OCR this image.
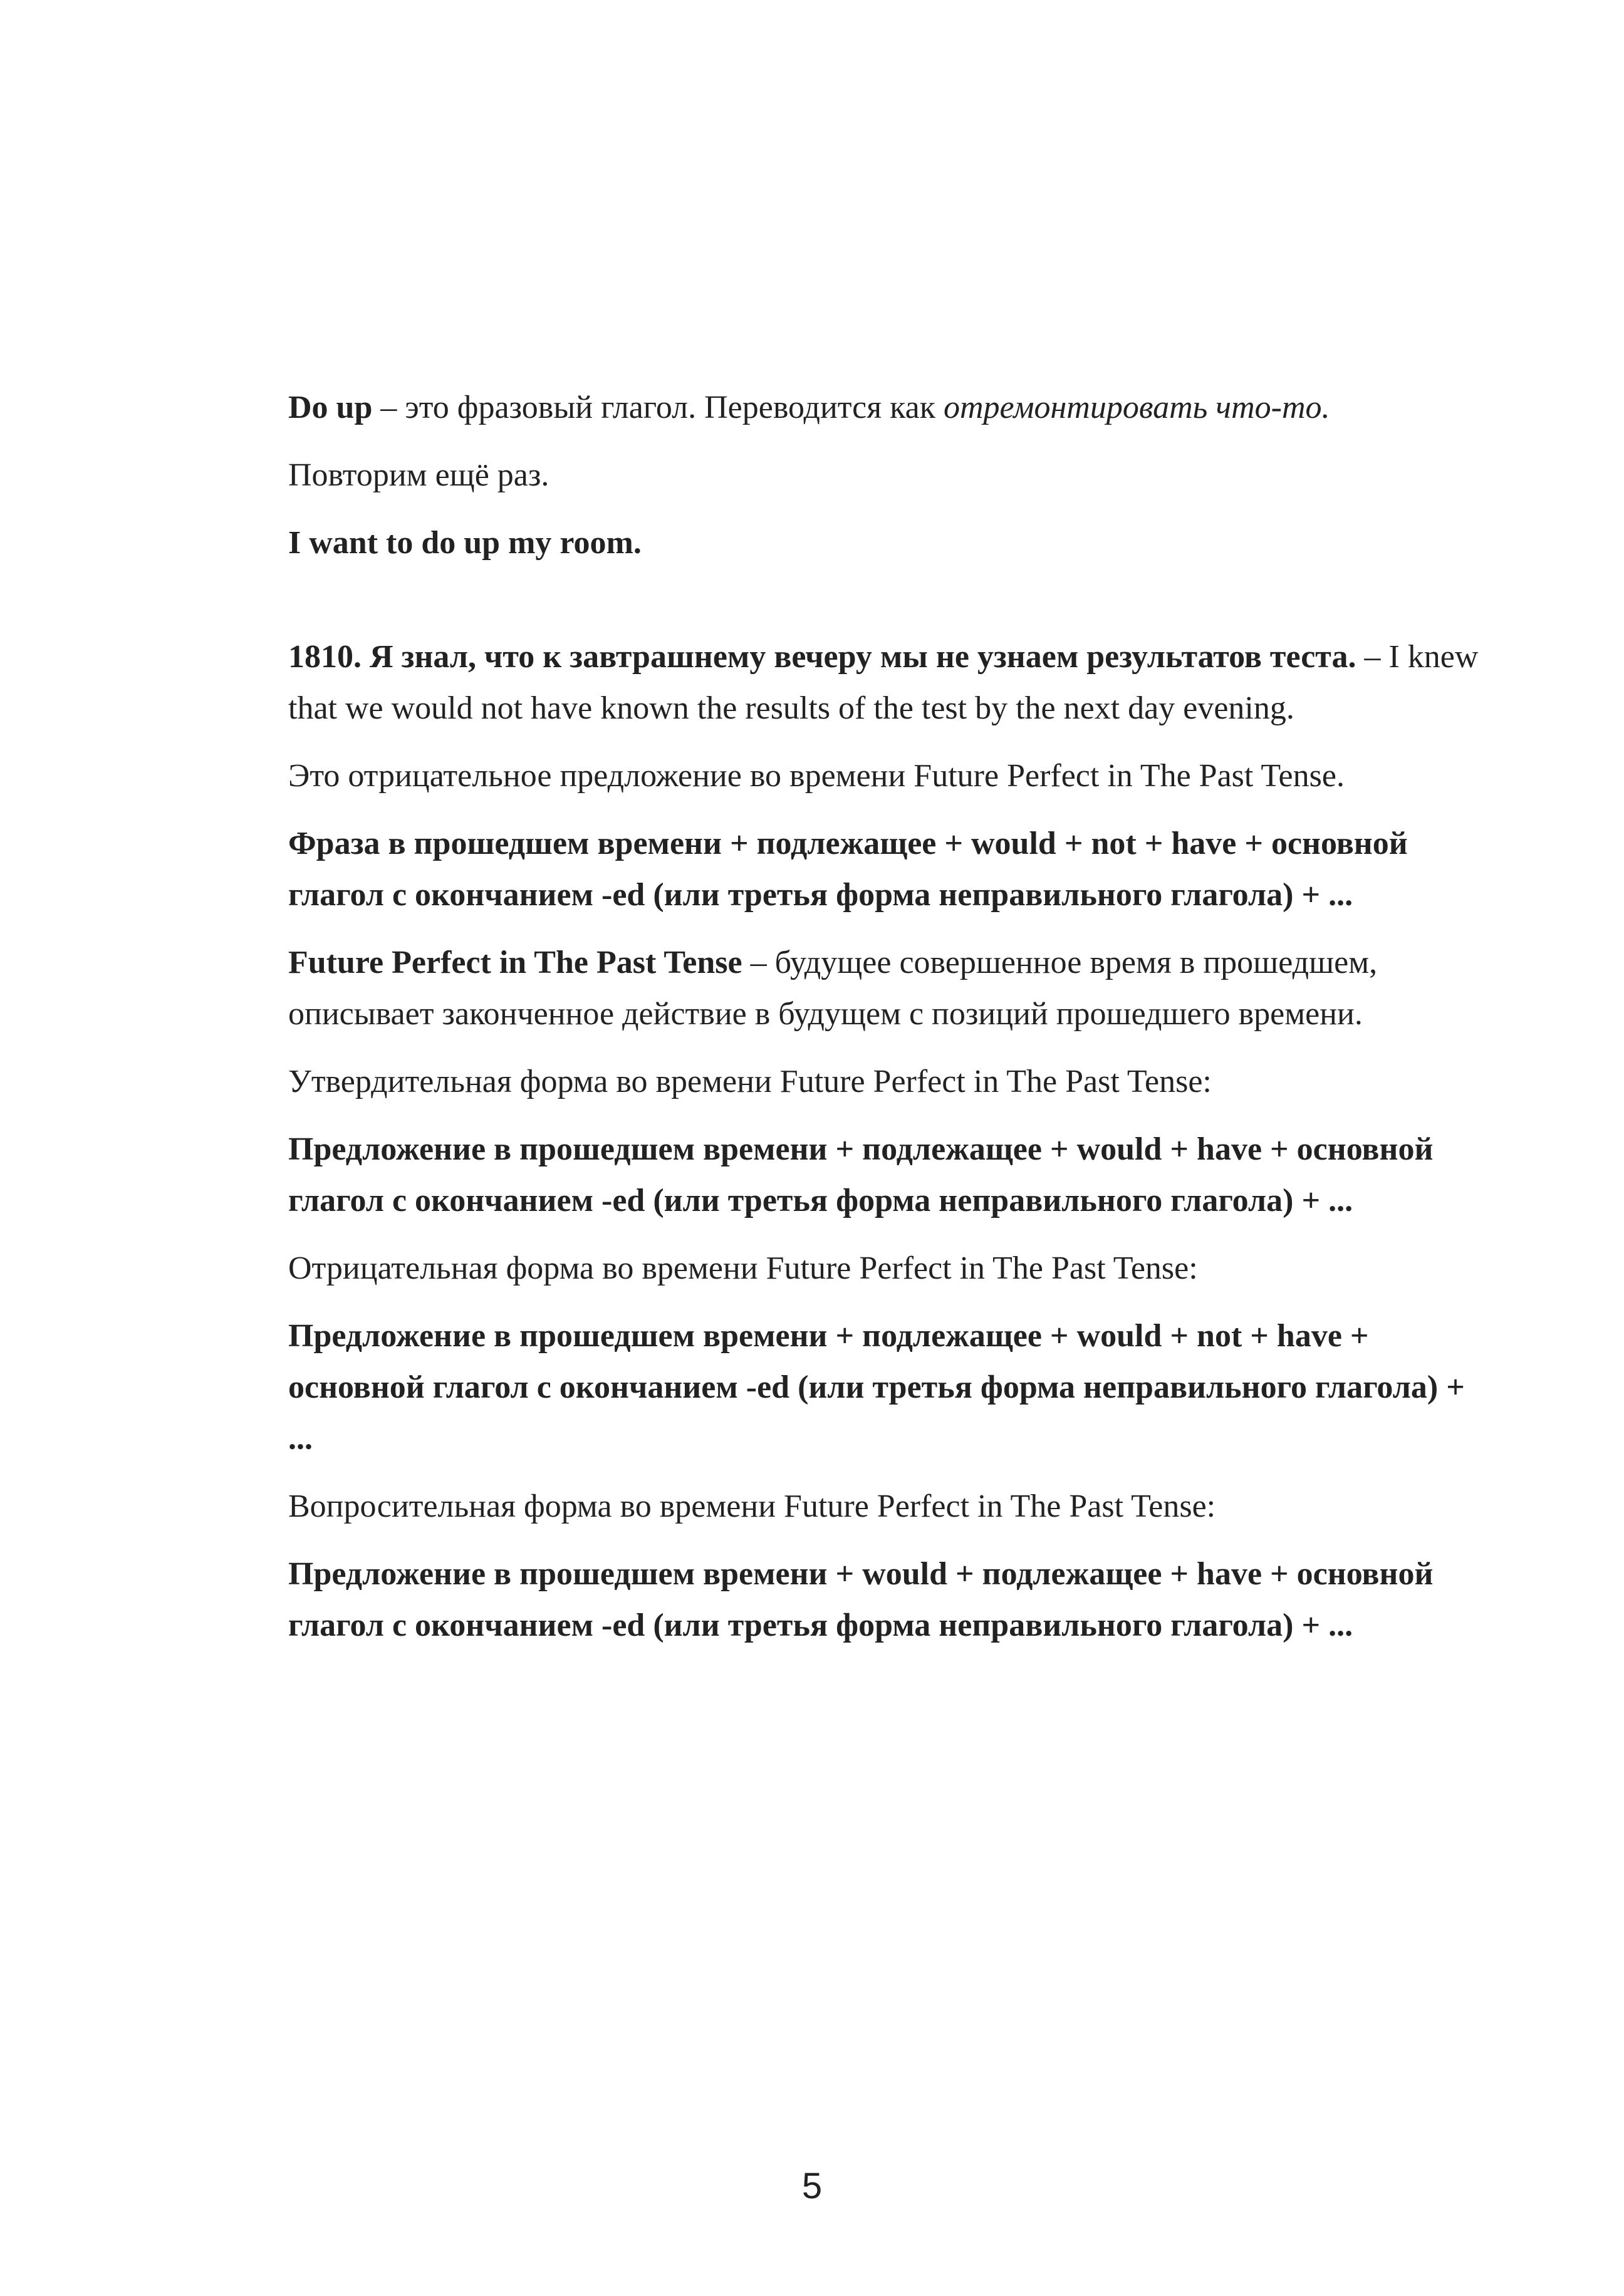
Do up – это фразовый глагол. Переводится как отремонтировать что-то.

Повторим ещё раз.

I want to do up my room.

1810. Я знал, что к завтрашнему вечеру мы не узнаем результатов теста. – I knew that we would not have known the results of the test by the next day evening.

Это отрицательное предложение во времени Future Perfect in The Past Tense.

Фраза в прошедшем времени + подлежащее + would + not + have + основной глагол с окончанием -ed (или третья форма неправильного глагола) + ...

Future Perfect in The Past Tense – будущее совершенное время в прошедшем, описывает законченное действие в будущем с позиций прошедшего времени.

Утвердительная форма во времени Future Perfect in The Past Tense:

Предложение в прошедшем времени + подлежащее + would + have + основной глагол с окончанием -ed (или третья форма неправильного глагола) + ...

Отрицательная форма во времени Future Perfect in The Past Tense:

Предложение в прошедшем времени + подлежащее + would + not + have + основной глагол с окончанием -ed (или третья форма неправильного глагола) + ...

Вопросительная форма во времени Future Perfect in The Past Tense:

Предложение в прошедшем времени + would + подлежащее + have + основной глагол с окончанием -ed (или третья форма неправильного глагола) + ...

5
